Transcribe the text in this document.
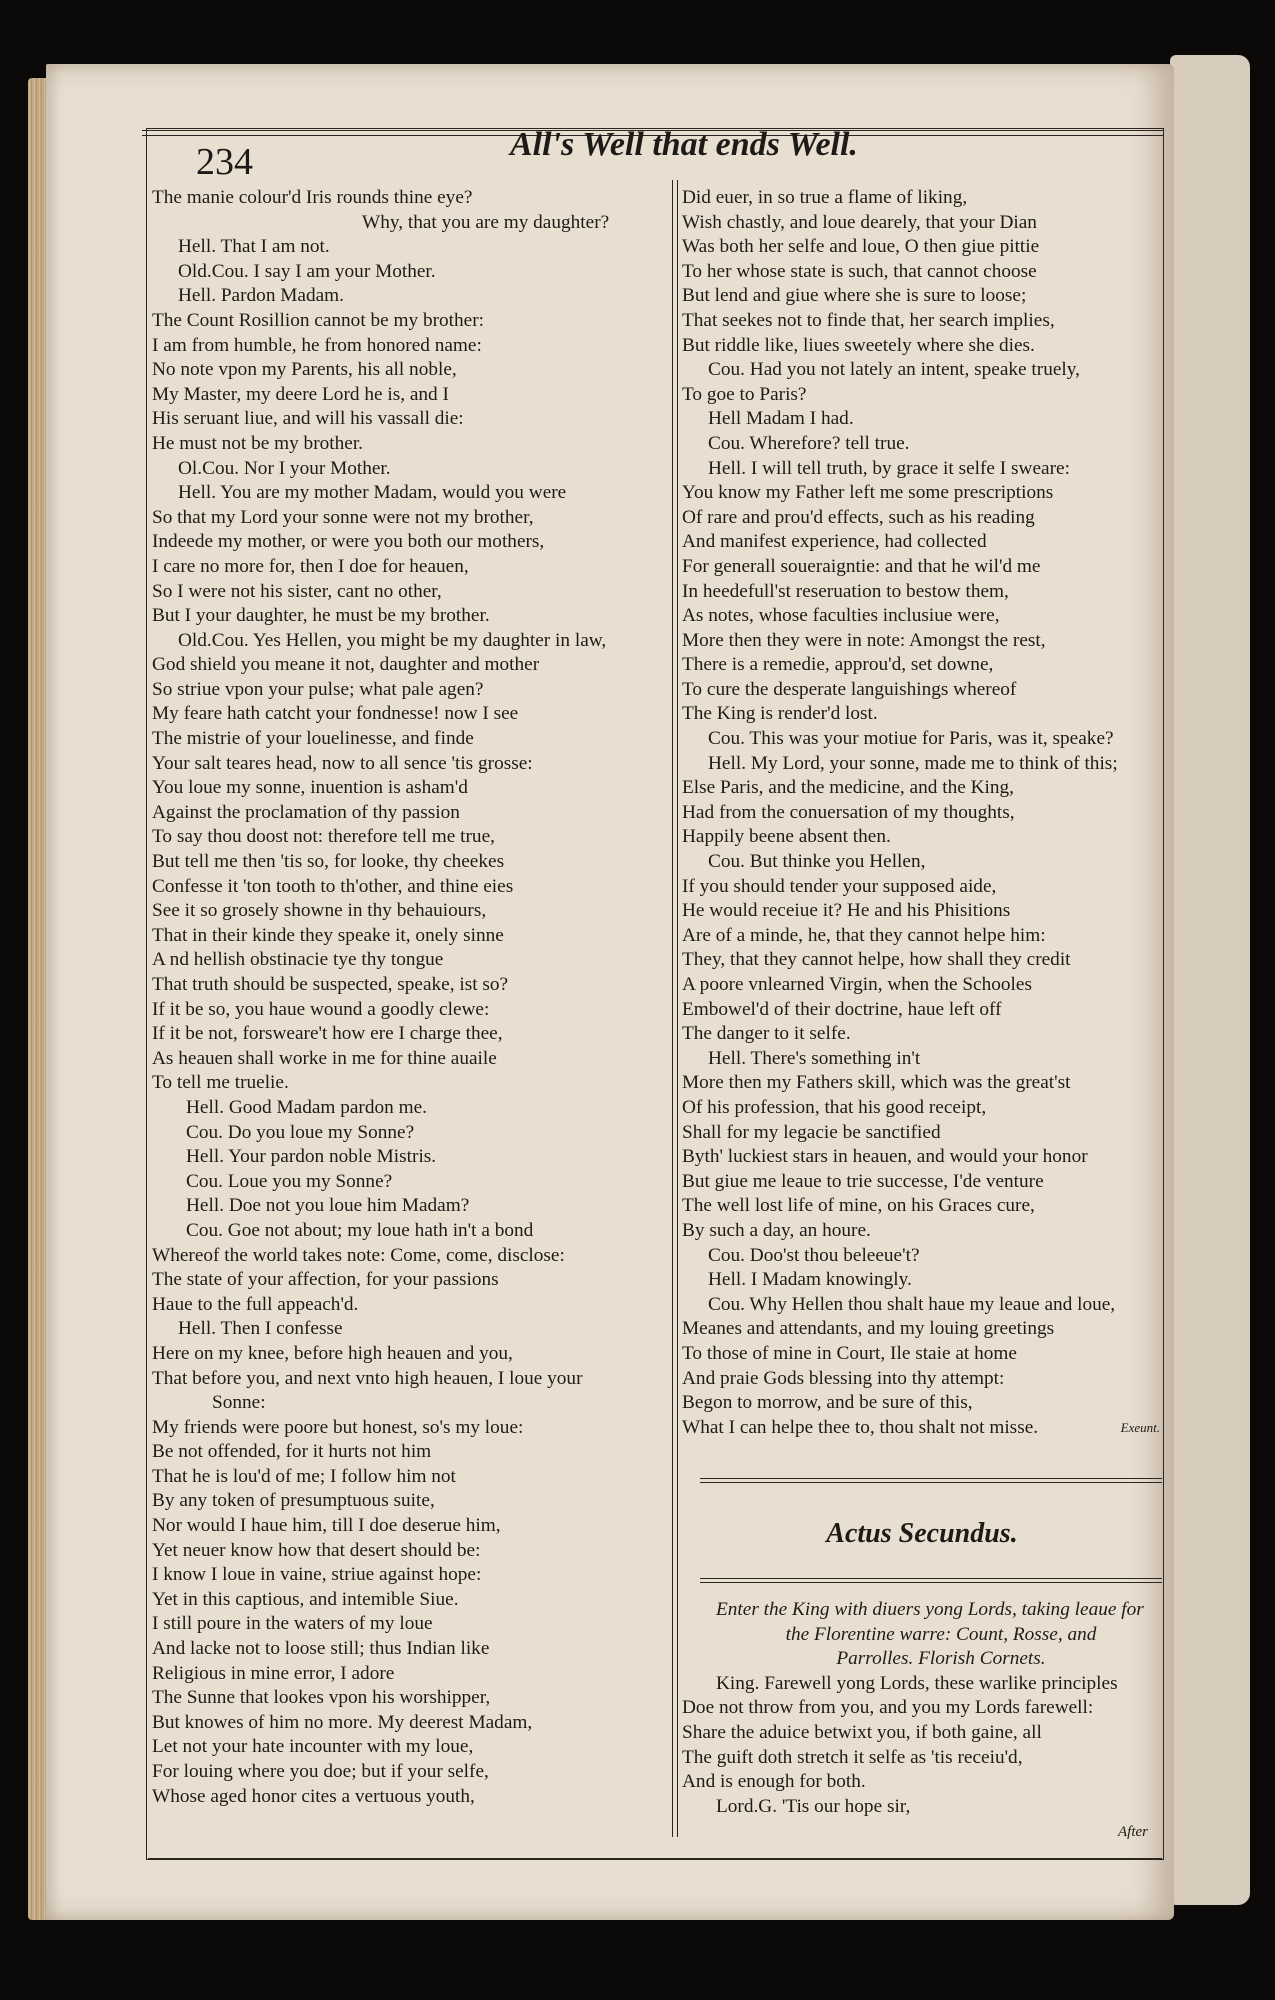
234	All's Well that ends Well.
The manie colour'd Iris rounds thine eye?
Why, that you are my daughter?
Hell. That I am not.
Old.Cou. I say I am your Mother.
Hell. Pardon Madam.
The Count Rosillion cannot be my brother:
I am from humble, he from honored name:
No note vpon my Parents, his all noble,
My Master, my deere Lord he is, and I
His seruant liue, and will his vassall die:
He must not be my brother.
Ol.Cou. Nor I your Mother.
Hell. You are my mother Madam, would you were
So that my Lord your sonne were not my brother,
Indeede my mother, or were you both our mothers,
I care no more for, then I doe for heauen,
So I were not his sister, cant no other,
But I your daughter, he must be my brother.
Old.Cou. Yes Hellen, you might be my daughter in law,
God shield you meane it not, daughter and mother
So striue vpon your pulse; what pale agen?
My feare hath catcht your fondnesse! now I see
The mistrie of your louelinesse, and finde
Your salt teares head, now to all sence 'tis grosse:
You loue my sonne, inuention is asham'd
Against the proclamation of thy passion
To say thou doost not: therefore tell me true,
But tell me then 'tis so, for looke, thy cheekes
Confesse it 'ton tooth to th'other, and thine eies
See it so grosely showne in thy behauiours,
That in their kinde they speake it, onely sinne
A nd hellish obstinacie tye thy tongue
That truth should be suspected, speake, ist so?
If it be so, you haue wound a goodly clewe:
If it be not, forsweare't how ere I charge thee,
As heauen shall worke in me for thine auaile
To tell me truelie.
Hell. Good Madam pardon me.
Cou. Do you loue my Sonne?
Hell. Your pardon noble Mistris.
Cou. Loue you my Sonne?
Hell. Doe not you loue him Madam?
Cou. Goe not about; my loue hath in't a bond
Whereof the world takes note: Come, come, disclose:
The state of your affection, for your passions
Haue to the full appeach'd.
Hell. Then I confesse
Here on my knee, before high heauen and you,
That before you, and next vnto high heauen, I loue your
Sonne:
My friends were poore but honest, so's my loue:
Be not offended, for it hurts not him
That he is lou'd of me; I follow him not
By any token of presumptuous suite,
Nor would I haue him, till I doe deserue him,
Yet neuer know how that desert should be:
I know I loue in vaine, striue against hope:
Yet in this captious, and intemible Siue.
I still poure in the waters of my loue
And lacke not to loose still; thus Indian like
Religious in mine error, I adore
The Sunne that lookes vpon his worshipper,
But knowes of him no more. My deerest Madam,
Let not your hate incounter with my loue,
For louing where you doe; but if your selfe,
Whose aged honor cites a vertuous youth,
Did euer, in so true a flame of liking,
Wish chastly, and loue dearely, that your Dian
Was both her selfe and loue, O then giue pittie
To her whose state is such, that cannot choose
But lend and giue where she is sure to loose;
That seekes not to finde that, her search implies,
But riddle like, liues sweetely where she dies.
Cou. Had you not lately an intent, speake truely,
To goe to Paris?
Hell Madam I had.
Cou. Wherefore? tell true.
Hell. I will tell truth, by grace it selfe I sweare:
You know my Father left me some prescriptions
Of rare and prou'd effects, such as his reading
And manifest experience, had collected
For generall soueraigntie: and that he wil'd me
In heedefull'st reseruation to bestow them,
As notes, whose faculties inclusiue were,
More then they were in note: Amongst the rest,
There is a remedie, approu'd, set downe,
To cure the desperate languishings whereof
The King is render'd lost.
Cou. This was your motiue for Paris, was it, speake?
Hell. My Lord, your sonne, made me to think of this;
Else Paris, and the medicine, and the King,
Had from the conuersation of my thoughts,
Happily beene absent then.
Cou. But thinke you Hellen,
If you should tender your supposed aide,
He would receiue it? He and his Phisitions
Are of a minde, he, that they cannot helpe him:
They, that they cannot helpe, how shall they credit
A poore vnlearned Virgin, when the Schooles
Embowel'd of their doctrine, haue left off
The danger to it selfe.
Hell. There's something in't
More then my Fathers skill, which was the great'st
Of his profession, that his good receipt,
Shall for my legacie be sanctified
Byth' luckiest stars in heauen, and would your honor
But giue me leaue to trie successe, I'de venture
The well lost life of mine, on his Graces cure,
By such a day, an houre.
Cou. Doo'st thou beleeue't?
Hell. I Madam knowingly.
Cou. Why Hellen thou shalt haue my leaue and loue,
Meanes and attendants, and my louing greetings
To those of mine in Court, Ile staie at home
And praie Gods blessing into thy attempt:
Begon to morrow, and be sure of this,
What I can helpe thee to, thou shalt not misse.	Exeunt.
Actus Secundus.
Enter the King with diuers yong Lords, taking leaue for
the Florentine warre: Count, Rosse, and
Parrolles. Florish Cornets.
King. Farewell yong Lords, these warlike principles
Doe not throw from you, and you my Lords farewell:
Share the aduice betwixt you, if both gaine, all
The guift doth stretch it selfe as 'tis receiu'd,
And is enough for both.
Lord.G. 'Tis our hope sir,
After
